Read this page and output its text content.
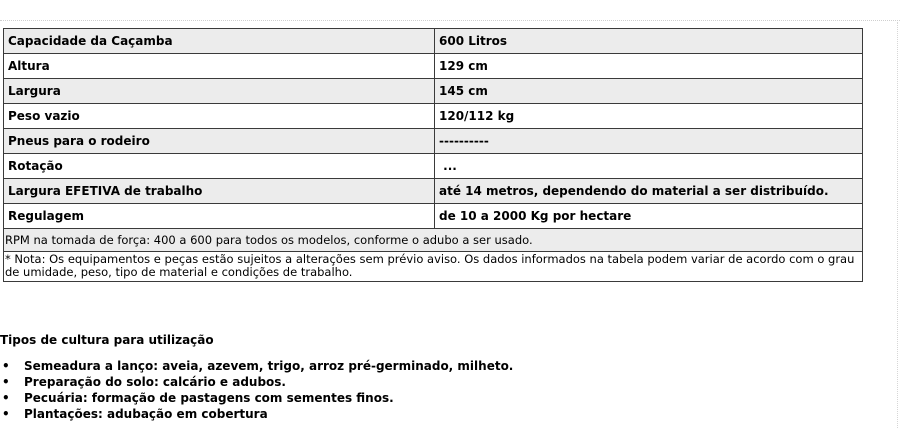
Capacidade da Caçamba	600 Litros
Altura	129 cm
Largura	145 cm
Peso vazio	120/112 kg
Pneus para o rodeiro	----------
Rotação	...
Largura EFETIVA de trabalho	até 14 metros, dependendo do material a ser distribuído.
Regulagem	de 10 a 2000 Kg por hectare
RPM na tomada de força: 400 a 600 para todos os modelos, conforme o adubo a ser usado.	
* Nota: Os equipamentos e peças estão sujeitos a alterações sem prévio aviso. Os dados informados na tabela podem variar de acordo com o grau de umidade, peso, tipo de material e condições de trabalho.	
Tipos de cultura para utilização
• Semeadura a lanço: aveia, azevem, trigo, arroz pré-germinado, milheto.
• Preparação do solo: calcário e adubos.
• Pecuária: formação de pastagens com sementes finos.
• Plantações: adubação em cobertura
